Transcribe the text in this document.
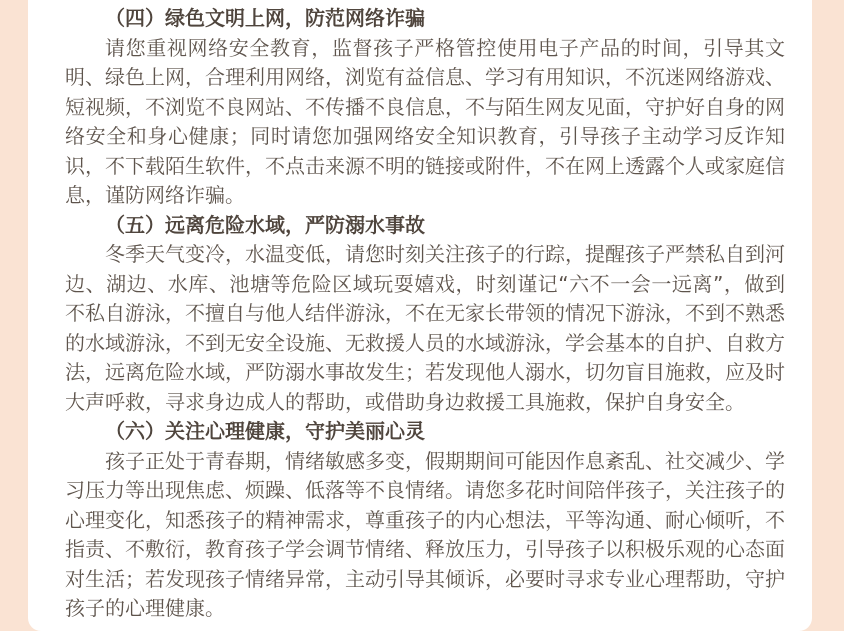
（四）绿色文明上网，防范网络诈骗

请您重视网络安全教育，监督孩子严格管控使用电子产品的时间，引导其文明、绿色上网，合理利用网络，浏览有益信息、学习有用知识，不沉迷网络游戏、短视频，不浏览不良网站、不传播不良信息，不与陌生网友见面，守护好自身的网络安全和身心健康；同时请您加强网络安全知识教育，引导孩子主动学习反诈知识，不下载陌生软件，不点击来源不明的链接或附件，不在网上透露个人或家庭信息，谨防网络诈骗。

（五）远离危险水域，严防溺水事故

冬季天气变冷，水温变低，请您时刻关注孩子的行踪，提醒孩子严禁私自到河边、湖边、水库、池塘等危险区域玩耍嬉戏，时刻谨记“六不一会一远离”，做到不私自游泳，不擅自与他人结伴游泳，不在无家长带领的情况下游泳，不到不熟悉的水域游泳，不到无安全设施、无救援人员的水域游泳，学会基本的自护、自救方法，远离危险水域，严防溺水事故发生；若发现他人溺水，切勿盲目施救，应及时大声呼救，寻求身边成人的帮助，或借助身边救援工具施救，保护自身安全。

（六）关注心理健康，守护美丽心灵

孩子正处于青春期，情绪敏感多变，假期期间可能因作息紊乱、社交减少、学习压力等出现焦虑、烦躁、低落等不良情绪。请您多花时间陪伴孩子，关注孩子的心理变化，知悉孩子的精神需求，尊重孩子的内心想法，平等沟通、耐心倾听，不指责、不敷衍，教育孩子学会调节情绪、释放压力，引导孩子以积极乐观的心态面对生活；若发现孩子情绪异常，主动引导其倾诉，必要时寻求专业心理帮助，守护孩子的心理健康。
